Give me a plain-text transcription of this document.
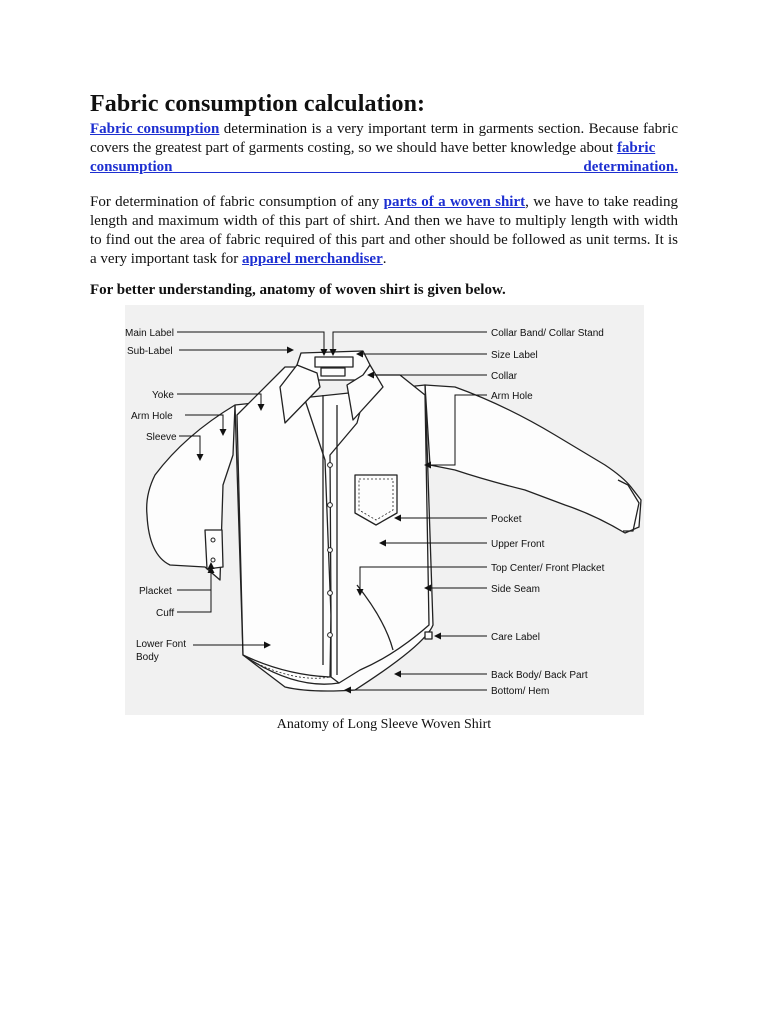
Fabric consumption calculation:

Fabric consumption determination is a very important term in garments section. Because fabric covers the greatest part of garments costing, so we should have better knowledge about fabric
consumption	determination.

For determination of fabric consumption of any parts of a woven shirt, we have to take reading length and maximum width of this part of shirt. And then we have to multiply length with width to find out the area of fabric required of this part and other should be followed as unit terms. It is a very important task for apparel merchandiser.

For better understanding, anatomy of woven shirt is given below.

Main Label
Sub-Label
Yoke
Arm Hole
Sleeve
Placket
Cuff
Lower Font
Body
Collar Band/ Collar Stand
Size Label
Collar
Arm Hole
Pocket
Upper Front
Top Center/ Front Placket
Side Seam
Care Label
Back Body/ Back Part
Bottom/ Hem

Anatomy of Long Sleeve Woven Shirt
